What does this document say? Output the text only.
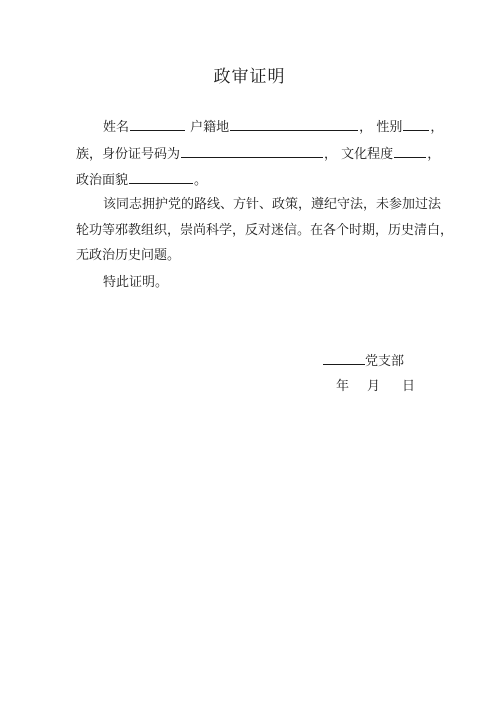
政审证明
姓名	户籍地	， 性别 ，
族，身份证号码为	， 文化程度	，
政治面貌	。
该同志拥护党的路线、方针、政策，遵纪守法，未参加过法
轮功等邪教组织，崇尚科学，反对迷信。在各个时期，历史清白，
无政治历史问题。
特此证明。
党支部
年 月 日
